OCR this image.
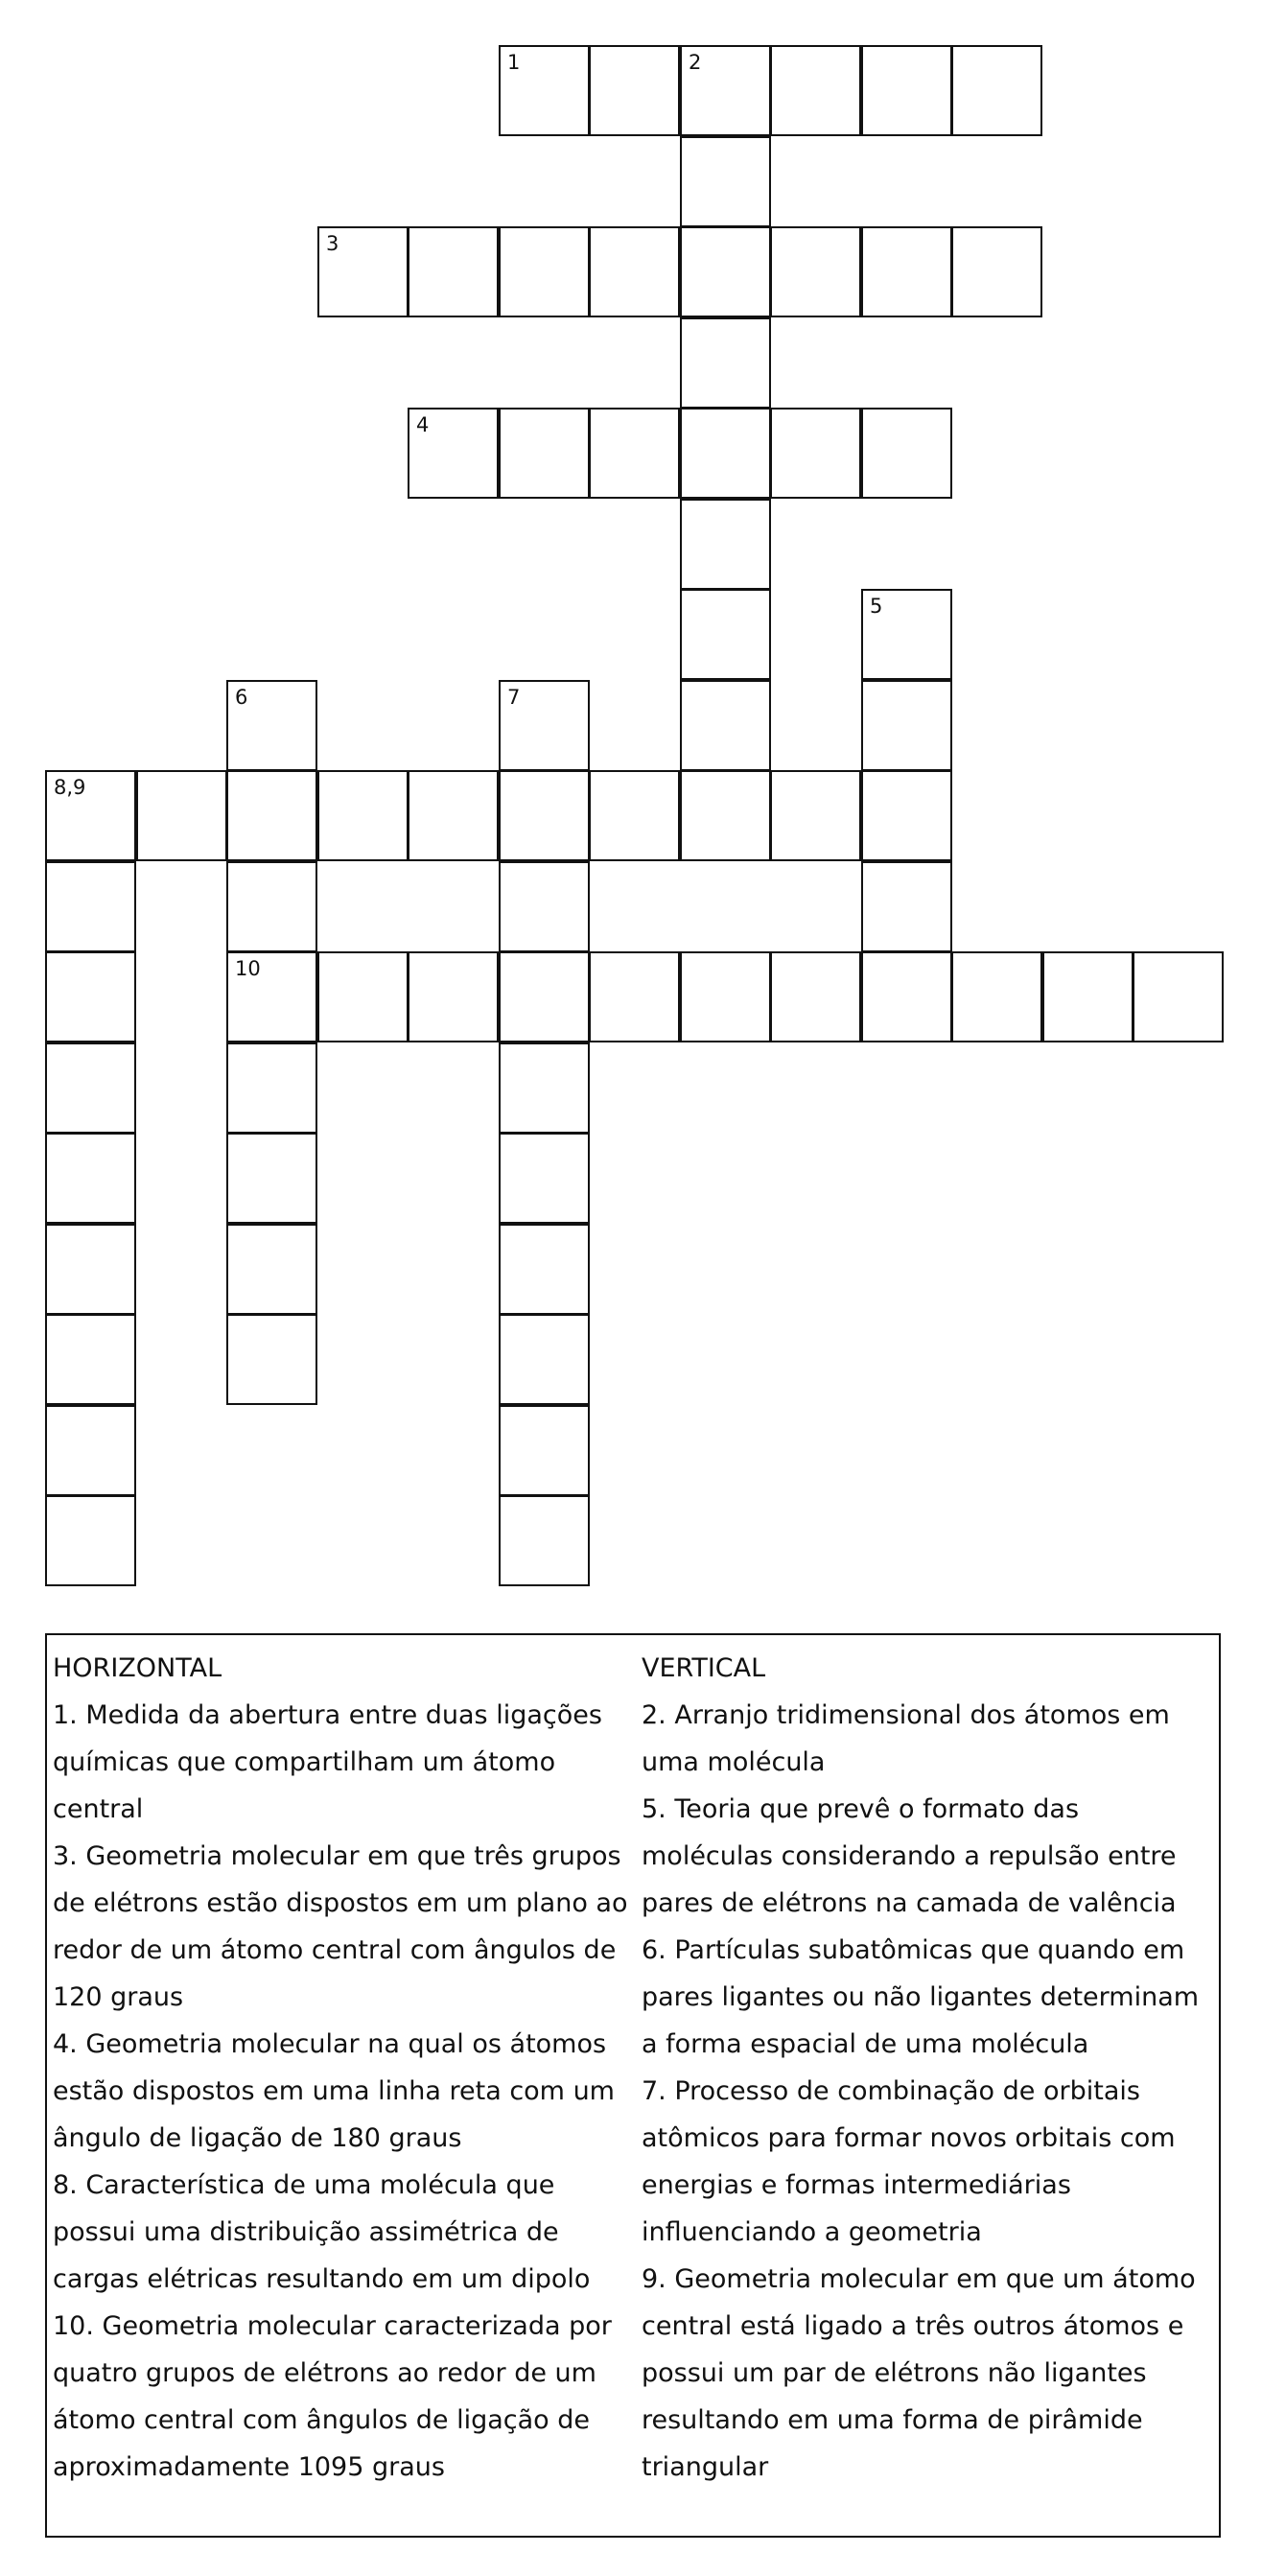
1	2
3
4
5
6	7
8,9
10

HORIZONTAL

1. Medida da abertura entre duas ligações químicas que compartilham um átomo central

3. Geometria molecular em que três grupos de elétrons estão dispostos em um plano ao redor de um átomo central com ângulos de 120 graus

4. Geometria molecular na qual os átomos estão dispostos em uma linha reta com um ângulo de ligação de 180 graus

8. Característica de uma molécula que possui uma distribuição assimétrica de cargas elétricas resultando em um dipolo

10. Geometria molecular caracterizada por quatro grupos de elétrons ao redor de um átomo central com ângulos de ligação de aproximadamente 1095 graus

VERTICAL

2. Arranjo tridimensional dos átomos em uma molécula

5. Teoria que prevê o formato das moléculas considerando a repulsão entre pares de elétrons na camada de valência

6. Partículas subatômicas que quando em pares ligantes ou não ligantes determinam a forma espacial de uma molécula

7. Processo de combinação de orbitais atômicos para formar novos orbitais com energias e formas intermediárias influenciando a geometria

9. Geometria molecular em que um átomo central está ligado a três outros átomos e possui um par de elétrons não ligantes resultando em uma forma de pirâmide triangular
